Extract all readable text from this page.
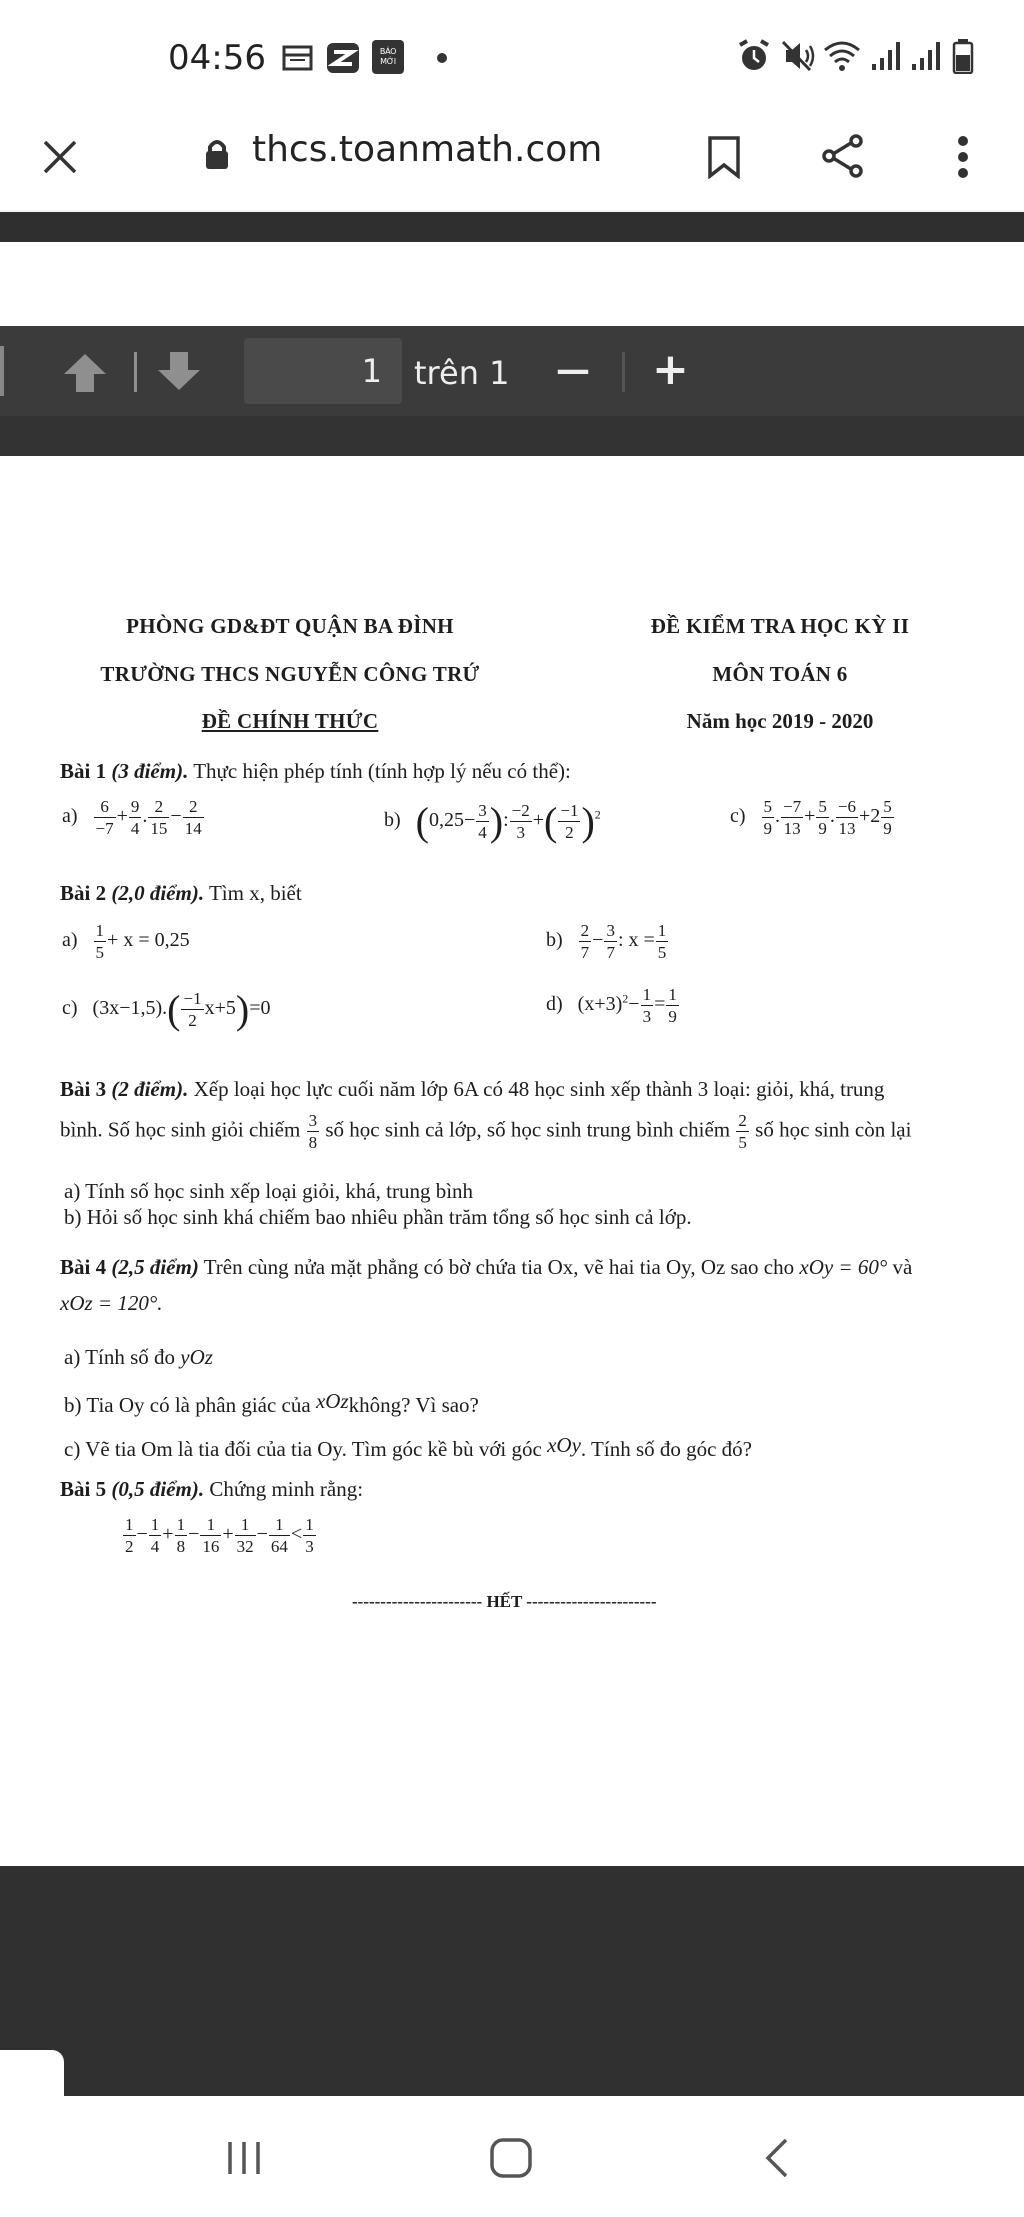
04:56	BÁO MỚI
thcs.toanmath.com
1 trên 1 — +
PHÒNG GD&ĐT QUẬN BA ĐÌNH
TRƯỜNG THCS NGUYỄN CÔNG TRỨ
ĐỀ CHÍNH THỨC
ĐỀ KIỂM TRA HỌC KỲ II
MÔN TOÁN 6
Năm học 2019 - 2020
Bài 1 (3 điểm). Thực hiện phép tính (tính hợp lý nếu có thể):
$a) \frac{6}{-7} + \frac{9}{4}$ . $\frac{2}{15} - \frac{2}{14}$	b) ($0,25- \frac{3}{4}$ ): $\frac{-2}{3}$ +( $\frac{-1}{2} )^2$	$c) \frac{5}{9}$ . $\frac{-7}{13} + \frac{5}{9}$ . $\frac{-6}{13} +2 \frac{5}{9}$
Bài 2 (2,0 điểm). Tìm x, biết
$a) \frac{1}{5} + x = 0,25$	$b) \frac{2}{7} - \frac{3}{7}$ : $x = \frac{1}{5}$
c)   $(3x-1,5).( \frac{-1}{2} x+5)=0$	d)   $(x+3)^2- \frac{1}{3} = \frac{1}{9}$
Bài 3 (2 điểm). Xếp loại học lực cuối năm lớp 6A có 48 học sinh xếp thành 3 loại: giỏi, khá, trung
bình. Số học sinh giỏi chiếm $\frac{3}{8}$ số học sinh cả lớp, số học sinh trung bình chiếm $\frac{2}{5}$ số học sinh còn lại
a) Tính số học sinh xếp loại giỏi, khá, trung bình
b) Hỏi số học sinh khá chiếm bao nhiêu phần trăm tổng số học sinh cả lớp.
Bài 4 (2,5 điểm) Trên cùng nửa mặt phẳng có bờ chứa tia Ox, vẽ hai tia Oy, Oz sao cho xOy = 60° và
xOz = 120°.
a) Tính số đo yOz
b) Tia Oy có là phân giác của xOzkhông? Vì sao?
c) Vẽ tia Om là tia đối của tia Oy. Tìm góc kề bù với góc xOy. Tính số đo góc đó?
Bài 5 (0,5 điểm). Chứng minh rằng:
$\frac{1}{2} - \frac{1}{4} + \frac{1}{8} - \frac{1}{16} + \frac{1}{32} - \frac{1}{64} < \frac{1}{3}$
----------------------- HẾT -----------------------
